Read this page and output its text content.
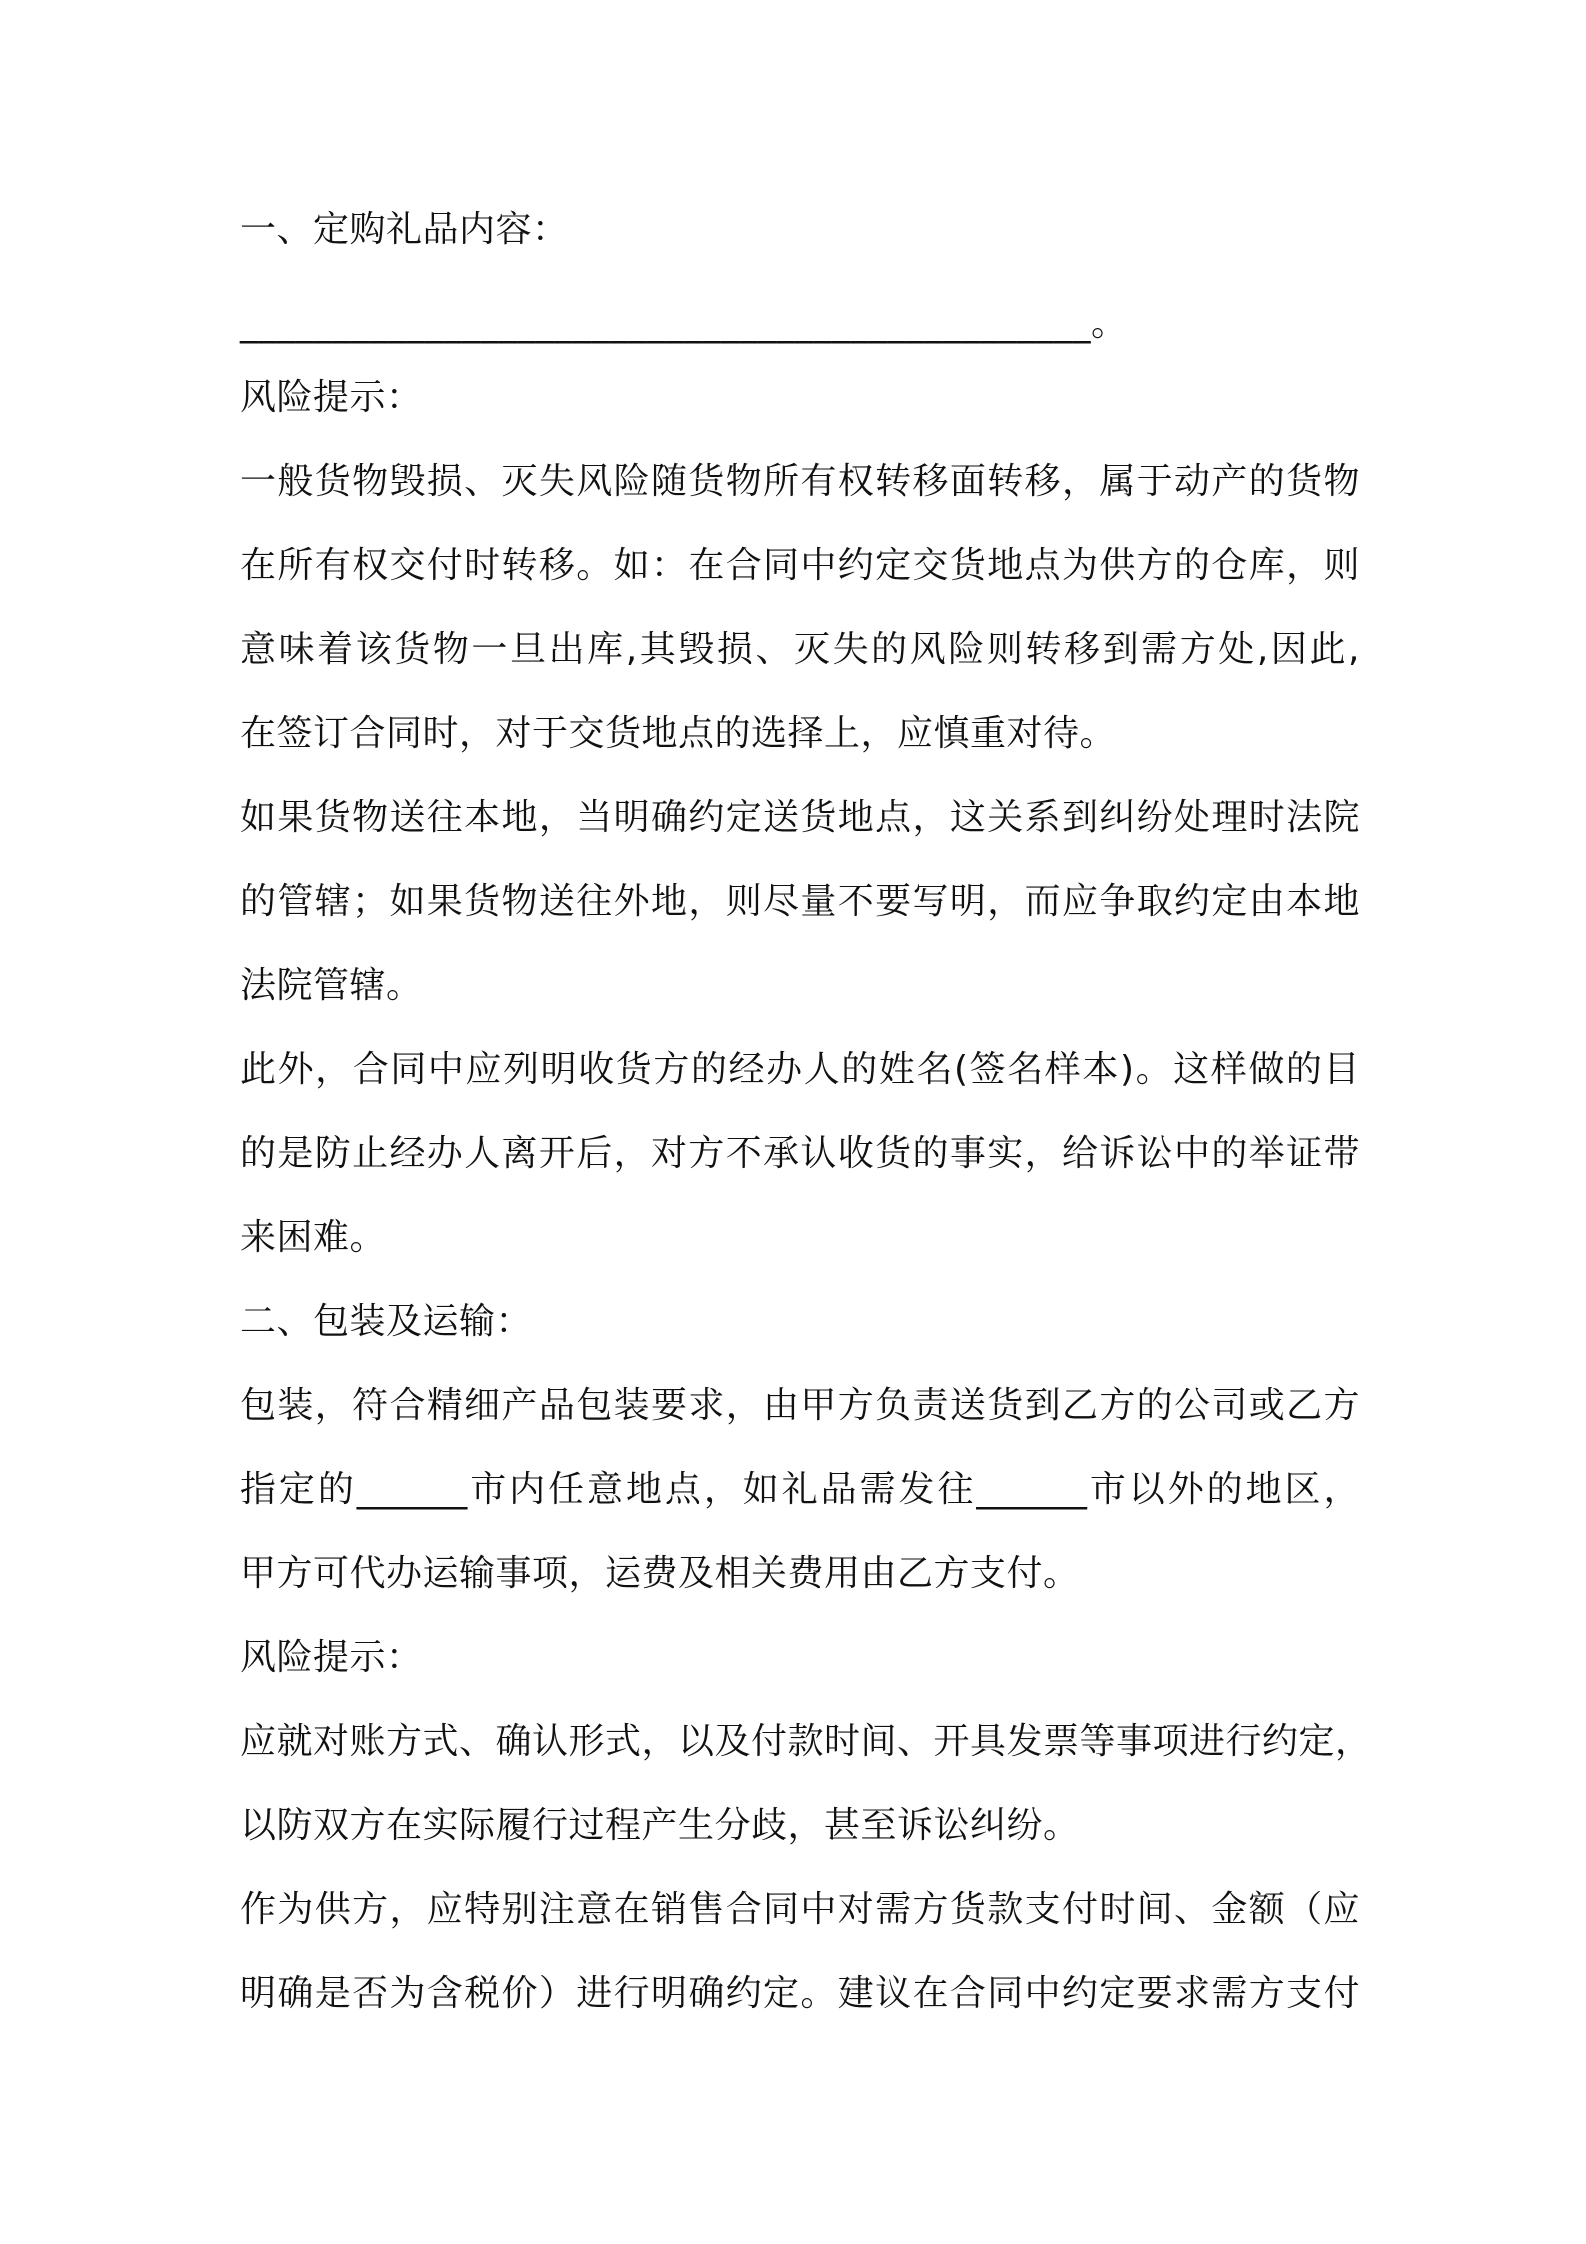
一、定购礼品内容：
______________________________________________。
风险提示：
一般货物毁损、灭失风险随货物所有权转移面转移，属于动产的货物
在所有权交付时转移。如：在合同中约定交货地点为供方的仓库，则
意味着该货物一旦出库,其毁损、灭失的风险则转移到需方处,因此,
在签订合同时，对于交货地点的选择上，应慎重对待。
如果货物送往本地，当明确约定送货地点，这关系到纠纷处理时法院
的管辖；如果货物送往外地，则尽量不要写明，而应争取约定由本地
法院管辖。
此外，合同中应列明收货方的经办人的姓名(签名样本)。这样做的目
的是防止经办人离开后，对方不承认收货的事实，给诉讼中的举证带
来困难。
二、包装及运输：
包装，符合精细产品包装要求，由甲方负责送货到乙方的公司或乙方
指定的______市内任意地点，如礼品需发往______市以外的地区，
甲方可代办运输事项，运费及相关费用由乙方支付。
风险提示：
应就对账方式、确认形式，以及付款时间、开具发票等事项进行约定，
以防双方在实际履行过程产生分歧，甚至诉讼纠纷。
作为供方，应特别注意在销售合同中对需方货款支付时间、金额（应
明确是否为含税价）进行明确约定。建议在合同中约定要求需方支付
